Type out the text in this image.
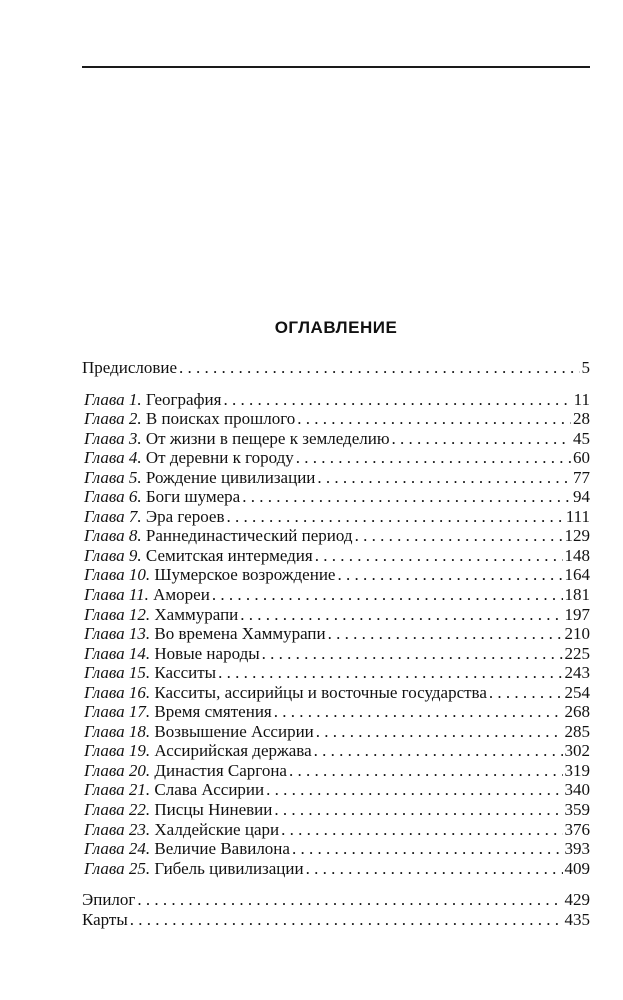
ОГЛАВЛЕНИЕ
Предисловие . . .	5
Глава 1. География . . .	11
Глава 2. В поисках прошлого . . .	28
Глава 3. От жизни в пещере к земледелию . . .	45
Глава 4. От деревни к городу . . .	60
Глава 5. Рождение цивилизации . . .	77
Глава 6. Боги шумера . . .	94
Глава 7. Эра героев . . .	111
Глава 8. Раннединастический период . . .	129
Глава 9. Семитская интермедия . . .	148
Глава 10. Шумерское возрождение . . .	164
Глава 11. Амореи . . .	181
Глава 12. Хаммурапи . . .	197
Глава 13. Во времена Хаммурапи . . .	210
Глава 14. Новые народы . . .	225
Глава 15. Касситы . . .	243
Глава 16. Касситы, ассирийцы и восточные государства . . .	254
Глава 17. Время смятения . . .	268
Глава 18. Возвышение Ассирии . . .	285
Глава 19. Ассирийская держава . . .	302
Глава 20. Династия Саргона . . .	319
Глава 21. Слава Ассирии . . .	340
Глава 22. Писцы Ниневии . . .	359
Глава 23. Халдейские цари . . .	376
Глава 24. Величие Вавилона . . .	393
Глава 25. Гибель цивилизации . . .	409
Эпилог . . .	429
Карты . . .	435
